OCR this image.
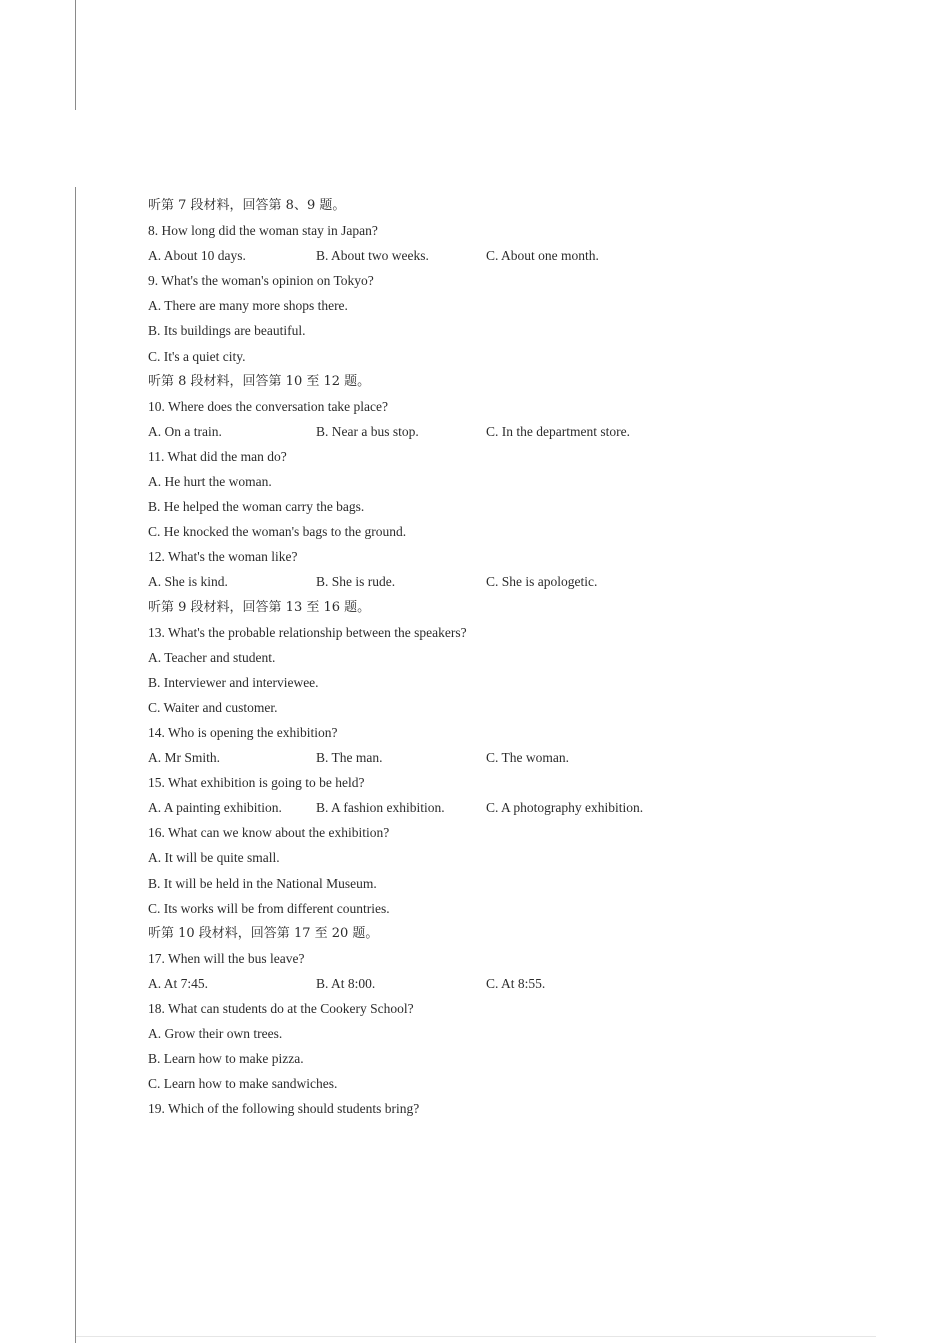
听第 7 段材料，回答第 8、9 题。
8. How long did the woman stay in Japan?
A. About 10 days.	B. About two weeks.	C. About one month.
9. What's the woman's opinion on Tokyo?
A. There are many more shops there.
B. Its buildings are beautiful.
C. It's a quiet city.
听第 8 段材料，回答第 10 至 12 题。
10. Where does the conversation take place?
A. On a train.	B. Near a bus stop.	C. In the department store.
11. What did the man do?
A. He hurt the woman.
B. He helped the woman carry the bags.
C. He knocked the woman's bags to the ground.
12. What's the woman like?
A. She is kind.	B. She is rude.	C. She is apologetic.
听第 9 段材料，回答第 13 至 16 题。
13. What's the probable relationship between the speakers?
A. Teacher and student.
B. Interviewer and interviewee.
C. Waiter and customer.
14. Who is opening the exhibition?
A. Mr Smith.	B. The man.	C. The woman.
15. What exhibition is going to be held?
A. A painting exhibition.	B. A fashion exhibition.	C. A photography exhibition.
16. What can we know about the exhibition?
A. It will be quite small.
B. It will be held in the National Museum.
C. Its works will be from different countries.
听第 10 段材料，回答第 17 至 20 题。
17. When will the bus leave?
A. At 7:45.	B. At 8:00.	C. At 8:55.
18. What can students do at the Cookery School?
A. Grow their own trees.
B. Learn how to make pizza.
C. Learn how to make sandwiches.
19. Which of the following should students bring?
